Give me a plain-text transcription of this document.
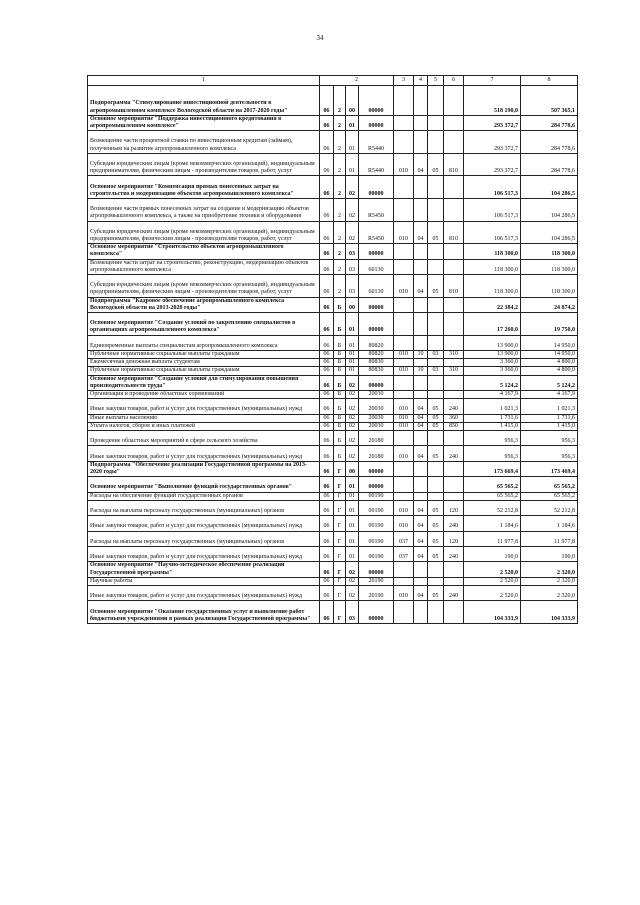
34
1	2				3	4	5	6	7	8
Подпрограмма "Стимулирование инвестиционной деятельности в агропромышленном комплексе Вологодской области на 2017-2020 годы"	06	2	00	00000					518 190,0	507 365,1
Основное мероприятие "Поддержка инвестиционного кредитования в агропромышленном комплексе"	06	2	01	00000					293 372,7	284 778,6
Возмещение части процентной ставки по инвестиционным кредитам (займам), полученным на развитие агропромышленного комплекса	06	2	01	R5440					293 372,7	284 778,6
Субсидии юридическим лицам (кроме некоммерческих организаций), индивидуальным предпринимателям, физическим лицам - производителям товаров, работ, услуг	06	2	01	R5440	010	04	05	810	293 372,7	284 778,6
Основное мероприятие "Компенсация прямых понесенных затрат на строительство и модернизацию объектов агропромышленного комплекса"	06	2	02	00000					106 517,3	104 286,5
Возмещение части прямых понесенных затрат на создание и модернизацию объектов агропромышленного комплекса, а также на приобретение техники и оборудования	06	2	02	R5450					106 517,3	104 286,5
Субсидии юридическим лицам (кроме некоммерческих организаций), индивидуальным предпринимателям, физическим лицам - производителям товаров, работ, услуг	06	2	02	R5450	010	04	05	810	106 517,3	104 286,5
Основное мероприятие "Строительство объектов агропромышленного комплекса"	06	2	03	00000					118 300,0	118 300,0
Возмещение части затрат на строительство, реконструкцию, модернизацию объектов агропромышленного комплекса	06	2	03	60130					118 300,0	118 300,0
Субсидии юридическим лицам (кроме некоммерческих организаций), индивидуальным предпринимателям, физическим лицам - производителям товаров, работ, услуг	06	2	03	60130	010	04	05	810	118 300,0	118 300,0
Подпрограмма "Кадровое обеспечение агропромышленного комплекса Вологодской области на 2013-2020 годы"	06	Б	00	00000					22 384,2	24 874,2
Основное мероприятие "Создание условий по закреплению специалистов в организациях агропромышленного комплекса"	06	Б	01	00000					17 260,0	19 750,0
Единовременные выплаты специалистам агропромышленного комплекса	06	Б	01	80820					13 900,0	14 950,0
Публичные нормативные социальные выплаты гражданам	06	Б	01	80820	010	10	03	310	13 900,0	14 950,0
Ежемесячная денежная выплата студентам	06	Б	01	80830					3 360,0	4 800,0
Публичные нормативные социальные выплаты гражданам	06	Б	01	80830	010	10	03	310	3 360,0	4 800,0
Основное мероприятие "Создание условий для стимулирования повышения производительности труда"	06	Б	02	00000					5 124,2	5 124,2
Организация и проведение областных соревнований	06	Б	02	20030					4 167,9	4 167,9
Иные закупки товаров, работ и услуг для государственных (муниципальных) нужд	06	Б	02	20030	010	04	05	240	1 021,3	1 021,3
Иные выплаты населению	06	Б	02	20030	010	04	05	360	1 731,6	1 731,6
Уплата налогов, сборов и иных платежей	06	Б	02	20030	010	04	05	850	1 415,0	1 415,0
Проведение областных мероприятий в сфере сельского хозяйства	06	Б	02	20180					956,3	956,3
Иные закупки товаров, работ и услуг для государственных (муниципальных) нужд	06	Б	02	20180	010	04	05	240	956,3	956,3
Подпрограмма "Обеспечение реализации Государственной программы на 2013-2020 годы"	06	Г	00	00000					173 669,4	173 469,4
Основное мероприятие "Выполнение функций государственных органов"	06	Г	01	00000					65 565,2	65 565,2
Расходы на обеспечение функций государственных органов	06	Г	01	00190					65 565,2	65 565,2
Расходы на выплаты персоналу государственных (муниципальных) органов	06	Г	01	00190	010	04	05	120	52 212,8	52 212,8
Иные закупки товаров, работ и услуг для государственных (муниципальных) нужд	06	Г	01	00190	010	04	05	240	1 184,6	1 184,6
Расходы на выплаты персоналу государственных (муниципальных) органов	06	Г	01	00190	037	04	05	120	11 977,8	11 977,8
Иные закупки товаров, работ и услуг для государственных (муниципальных) нужд	06	Г	01	00190	037	04	05	240	190,0	190,0
Основное мероприятие "Научно-методическое обеспечение реализации Государственной программы"	06	Г	02	00000					2 520,0	2 320,0
Научные работы	06	Г	02	20190					2 520,0	2 320,0
Иные закупки товаров, работ и услуг для государственных (муниципальных) нужд	06	Г	02	20190	010	04	05	240	2 520,0	2 320,0
Основное мероприятие "Оказание государственных услуг и выполнение работ бюджетными учреждениями в рамках реализации Государственной программы"	06	Г	03	00000					104 333,9	104 333,9
